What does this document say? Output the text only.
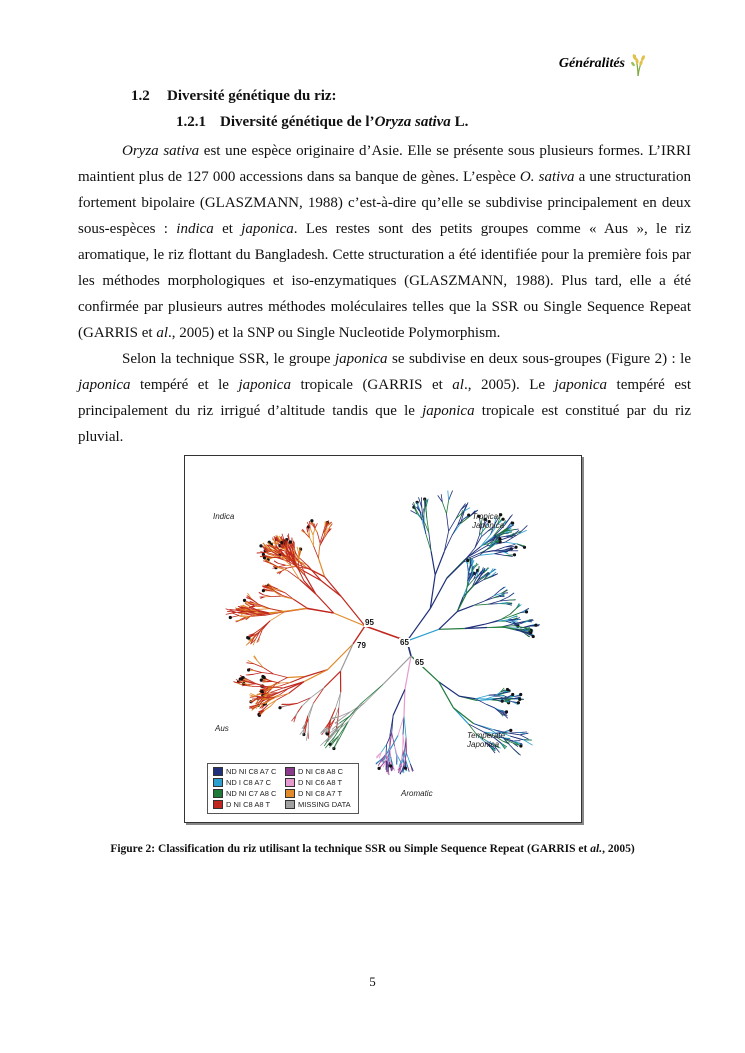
Généralités
1.2 Diversité génétique du riz:
1.2.1 Diversité génétique de l’Oryza sativa L.

Oryza sativa est une espèce originaire d’Asie. Elle se présente sous plusieurs formes. L’IRRI maintient plus de 127 000 accessions dans sa banque de gènes. L’espèce O. sativa a une structuration fortement bipolaire (GLASZMANN, 1988) c’est-à-dire qu’elle se subdivise principalement en deux sous-espèces : indica et japonica. Les restes sont des petits groupes comme « Aus », le riz aromatique, le riz flottant du Bangladesh. Cette structuration a été identifiée pour la première fois par les méthodes morphologiques et iso-enzymatiques (GLASZMANN, 1988). Plus tard, elle a été confirmée par plusieurs autres méthodes moléculaires telles que la SSR ou Single Sequence Repeat (GARRIS et al., 2005) et la SNP ou Single Nucleotide Polymorphism.

Selon la technique SSR, le groupe japonica se subdivise en deux sous-groupes (Figure 2) : le japonica tempéré et le japonica tropicale (GARRIS et al., 2005). Le japonica tempéré est principalement du riz irrigué d’altitude tandis que le japonica tropicale est constitué par du riz pluvial.

Indica	Tropical
Japonica
Aus
Temperate
Japonica
Aromatic
95
79	65
65
ND NI C8 A7 C	D NI C8 A8 C
ND I C8 A7 C	D NI C6 A8 T
ND NI C7 A8 C	D NI C8 A7 T
D NI C8 A8 T	MISSING DATA
Figure 2: Classification du riz utilisant la technique SSR ou Simple Sequence Repeat (GARRIS et al., 2005)
5
